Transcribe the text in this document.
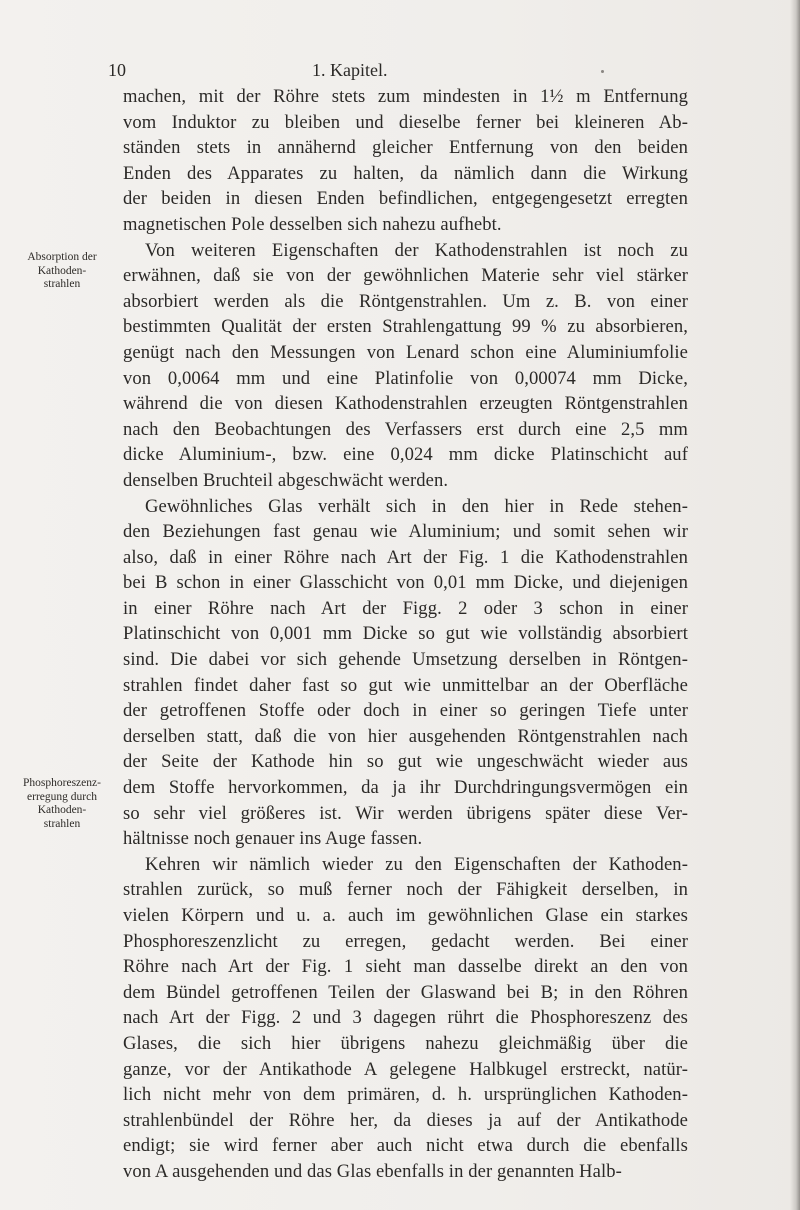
10	1. Kapitel.
Absorption der
Kathoden-
strahlen
Phosphoreszenz-
erregung durch
Kathoden-
strahlen

machen, mit der Röhre stets zum mindesten in 1½ m Entfernung
vom Induktor zu bleiben und dieselbe ferner bei kleineren Ab-
ständen stets in annähernd gleicher Entfernung von den beiden
Enden des Apparates zu halten, da nämlich dann die Wirkung
der beiden in diesen Enden befindlichen, entgegengesetzt erregten
magnetischen Pole desselben sich nahezu aufhebt.

Von weiteren Eigenschaften der Kathodenstrahlen ist noch zu
erwähnen, daß sie von der gewöhnlichen Materie sehr viel stärker
absorbiert werden als die Röntgenstrahlen. Um z. B. von einer
bestimmten Qualität der ersten Strahlengattung 99 % zu absorbieren,
genügt nach den Messungen von Lenard schon eine Aluminiumfolie
von 0,0064 mm und eine Platinfolie von 0,00074 mm Dicke,
während die von diesen Kathodenstrahlen erzeugten Röntgenstrahlen
nach den Beobachtungen des Verfassers erst durch eine 2,5 mm
dicke Aluminium-, bzw. eine 0,024 mm dicke Platinschicht auf
denselben Bruchteil abgeschwächt werden.

Gewöhnliches Glas verhält sich in den hier in Rede stehen-
den Beziehungen fast genau wie Aluminium; und somit sehen wir
also, daß in einer Röhre nach Art der Fig. 1 die Kathodenstrahlen
bei B schon in einer Glasschicht von 0,01 mm Dicke, und diejenigen
in einer Röhre nach Art der Figg. 2 oder 3 schon in einer
Platinschicht von 0,001 mm Dicke so gut wie vollständig absorbiert
sind. Die dabei vor sich gehende Umsetzung derselben in Röntgen-
strahlen findet daher fast so gut wie unmittelbar an der Oberfläche
der getroffenen Stoffe oder doch in einer so geringen Tiefe unter
derselben statt, daß die von hier ausgehenden Röntgenstrahlen nach
der Seite der Kathode hin so gut wie ungeschwächt wieder aus
dem Stoffe hervorkommen, da ja ihr Durchdringungsvermögen ein
so sehr viel größeres ist. Wir werden übrigens später diese Ver-
hältnisse noch genauer ins Auge fassen.

Kehren wir nämlich wieder zu den Eigenschaften der Kathoden-
strahlen zurück, so muß ferner noch der Fähigkeit derselben, in
vielen Körpern und u. a. auch im gewöhnlichen Glase ein starkes
Phosphoreszenzlicht zu erregen, gedacht werden. Bei einer
Röhre nach Art der Fig. 1 sieht man dasselbe direkt an den von
dem Bündel getroffenen Teilen der Glaswand bei B; in den Röhren
nach Art der Figg. 2 und 3 dagegen rührt die Phosphoreszenz des
Glases, die sich hier übrigens nahezu gleichmäßig über die
ganze, vor der Antikathode A gelegene Halbkugel erstreckt, natür-
lich nicht mehr von dem primären, d. h. ursprünglichen Kathoden-
strahlenbündel der Röhre her, da dieses ja auf der Antikathode
endigt; sie wird ferner aber auch nicht etwa durch die ebenfalls
von A ausgehenden und das Glas ebenfalls in der genannten Halb-
